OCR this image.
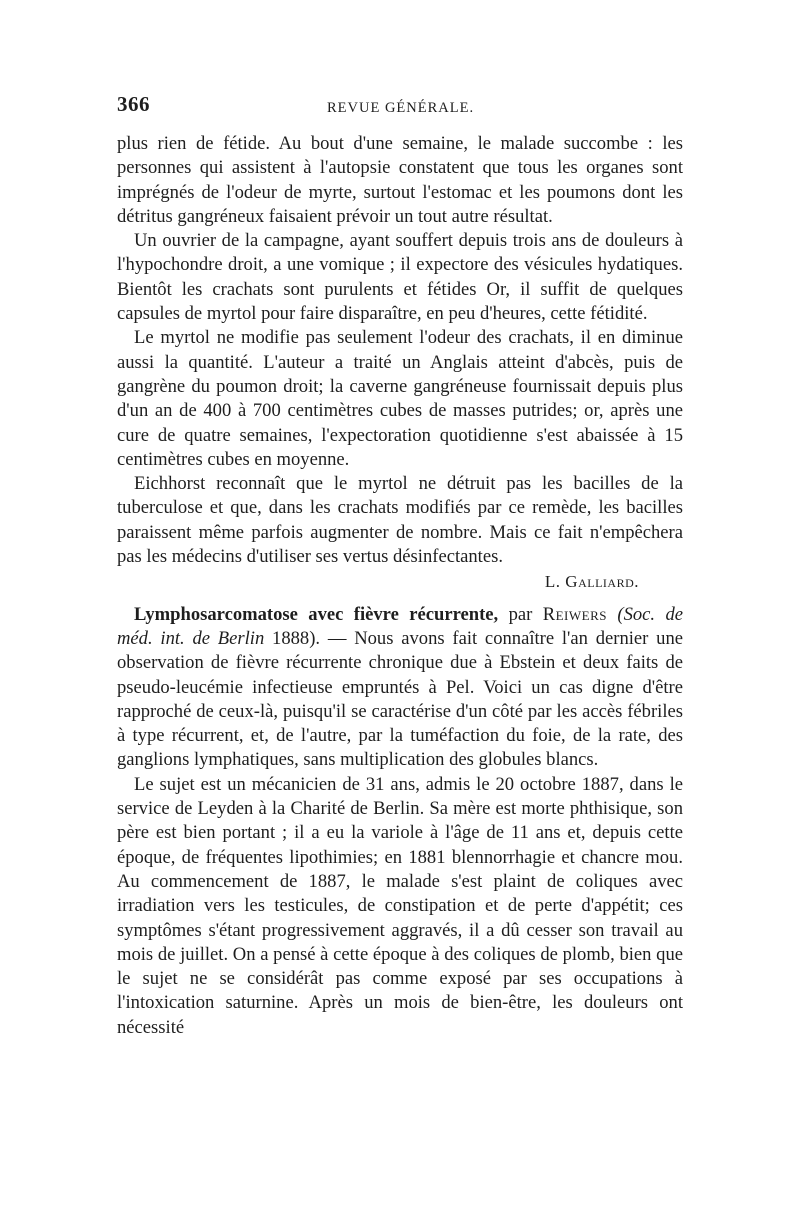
366	REVUE GÉNÉRALE.

plus rien de fétide. Au bout d'une semaine, le malade succombe : les personnes qui assistent à l'autopsie constatent que tous les organes sont imprégnés de l'odeur de myrte, surtout l'estomac et les poumons dont les détritus gangréneux faisaient prévoir un tout autre résultat.

Un ouvrier de la campagne, ayant souffert depuis trois ans de douleurs à l'hypochondre droit, a une vomique ; il expectore des vésicules hydatiques. Bientôt les crachats sont purulents et fétides Or, il suffit de quelques capsules de myrtol pour faire disparaître, en peu d'heures, cette fétidité.

Le myrtol ne modifie pas seulement l'odeur des crachats, il en diminue aussi la quantité. L'auteur a traité un Anglais atteint d'abcès, puis de gangrène du poumon droit; la caverne gangréneuse fournissait depuis plus d'un an de 400 à 700 centimètres cubes de masses putrides; or, après une cure de quatre semaines, l'expectoration quotidienne s'est abaissée à 15 centimètres cubes en moyenne.

Eichhorst reconnaît que le myrtol ne détruit pas les bacilles de la tuberculose et que, dans les crachats modifiés par ce remède, les bacilles paraissent même parfois augmenter de nombre. Mais ce fait n'empêchera pas les médecins d'utiliser ses vertus désinfectantes.

L. Galliard.

Lymphosarcomatose avec fièvre récurrente, par Reiwers (Soc. de méd. int. de Berlin 1888). — Nous avons fait connaître l'an dernier une observation de fièvre récurrente chronique due à Ebstein et deux faits de pseudo-leucémie infectieuse empruntés à Pel. Voici un cas digne d'être rapproché de ceux-là, puisqu'il se caractérise d'un côté par les accès fébriles à type récurrent, et, de l'autre, par la tuméfaction du foie, de la rate, des ganglions lymphatiques, sans multiplication des globules blancs.

Le sujet est un mécanicien de 31 ans, admis le 20 octobre 1887, dans le service de Leyden à la Charité de Berlin. Sa mère est morte phthisique, son père est bien portant ; il a eu la variole à l'âge de 11 ans et, depuis cette époque, de fréquentes lipothimies; en 1881 blennorrhagie et chancre mou. Au commencement de 1887, le malade s'est plaint de coliques avec irradiation vers les testicules, de constipation et de perte d'appétit; ces symptômes s'étant progressivement aggravés, il a dû cesser son travail au mois de juillet. On a pensé à cette époque à des coliques de plomb, bien que le sujet ne se considérât pas comme exposé par ses occupations à l'intoxication saturnine. Après un mois de bien-être, les douleurs ont nécessité
